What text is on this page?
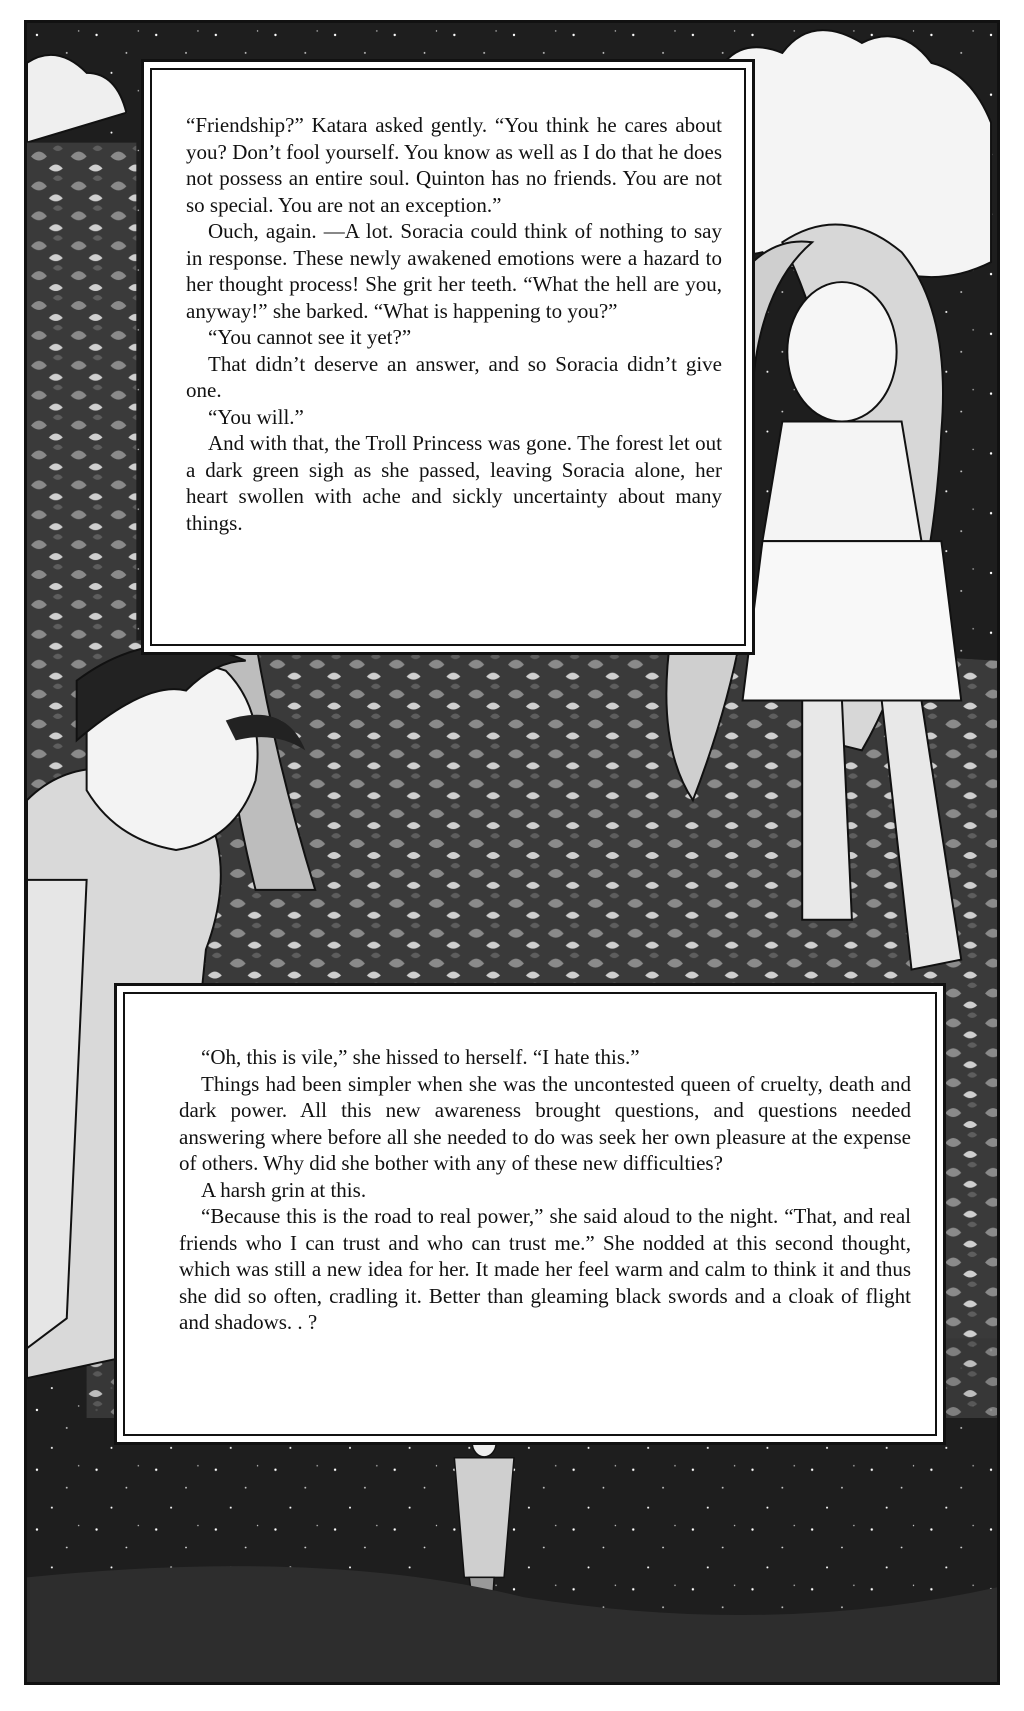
“Friendship?” Katara asked gently. “You think he cares about you? Don’t fool yourself. You know as well as I do that he does not possess an entire soul. Quinton has no friends. You are not so special. You are not an exception.”

Ouch, again. —A lot. Soracia could think of nothing to say in response. These newly awakened emotions were a hazard to her thought process! She grit her teeth. “What the hell are you, anyway!” she barked. “What is happening to you?”

“You cannot see it yet?”

That didn’t deserve an answer, and so Soracia didn’t give one.

“You will.”

And with that, the Troll Princess was gone. The forest let out a dark green sigh as she passed, leaving Soracia alone, her heart swollen with ache and sickly uncertainty about many things.

“Oh, this is vile,” she hissed to herself. “I hate this.”

Things had been simpler when she was the uncontested queen of cruelty, death and dark power. All this new awareness brought questions, and questions needed answering where before all she needed to do was seek her own pleasure at the expense of others. Why did she bother with any of these new difficulties?

A harsh grin at this.

“Because this is the road to real power,” she said aloud to the night. “That, and real friends who I can trust and who can trust me.” She nodded at this second thought, which was still a new idea for her. It made her feel warm and calm to think it and thus she did so often, cradling it. Better than gleaming black swords and a cloak of flight and shadows. . ?
